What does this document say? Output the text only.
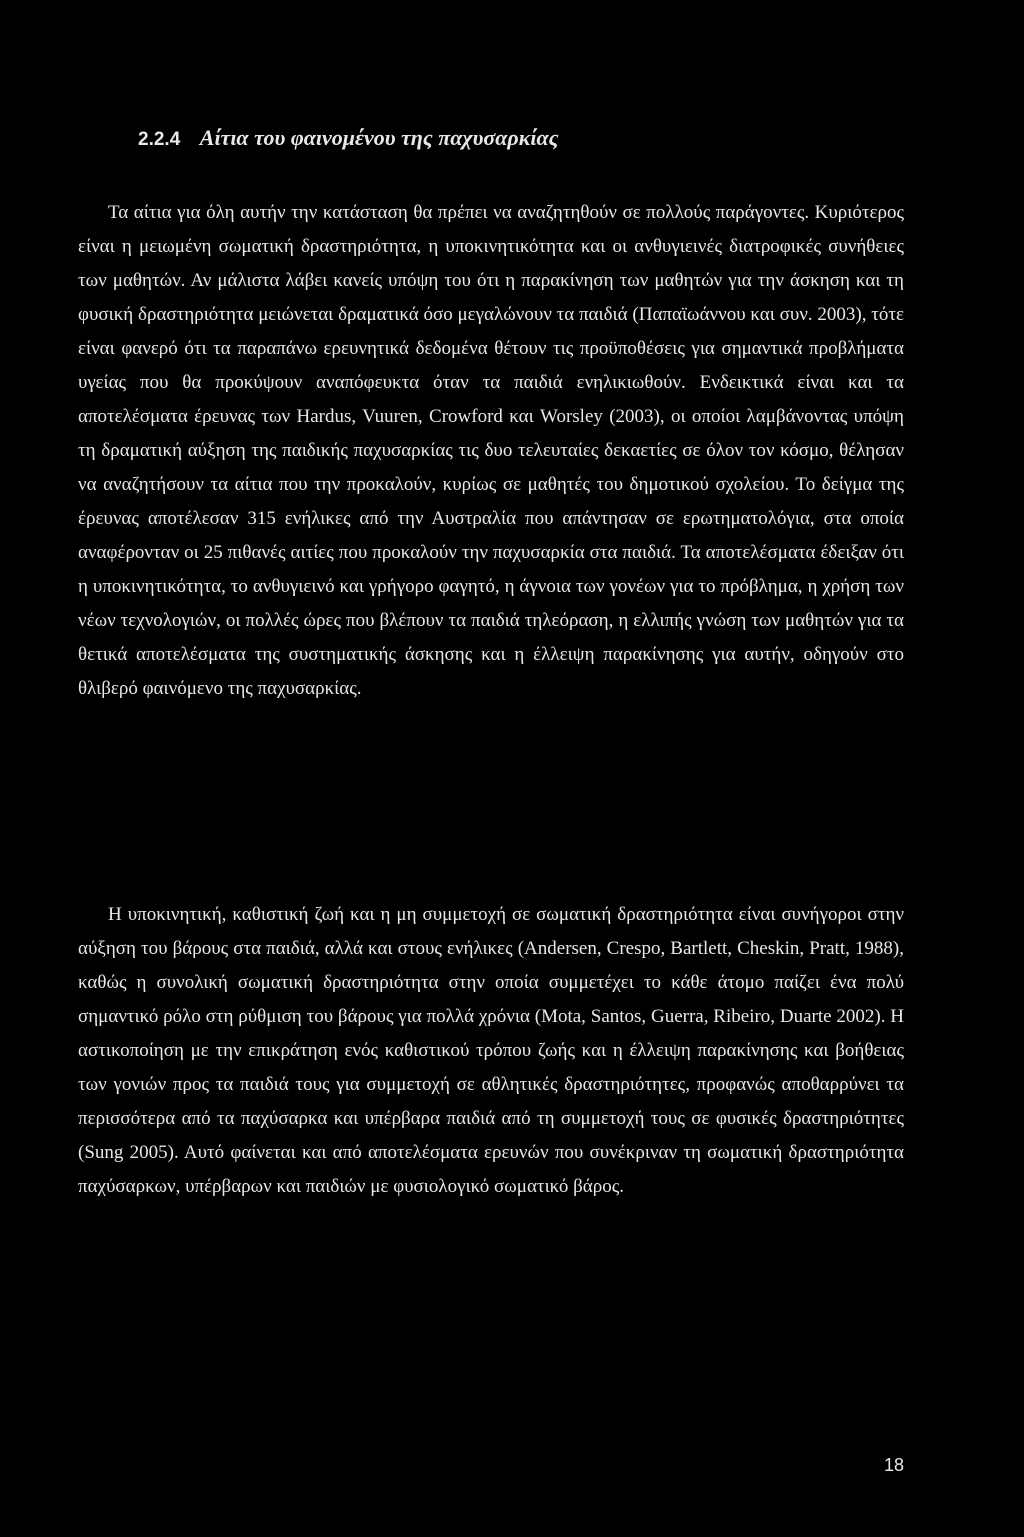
2.2.4 Αίτια του φαινομένου της παχυσαρκίας

Τα αίτια για όλη αυτήν την κατάσταση θα πρέπει να αναζητηθούν σε πολλούς παράγοντες. Κυριότερος είναι η μειωμένη σωματική δραστηριότητα, η υποκινητικότητα και οι ανθυγιεινές διατροφικές συνήθειες των μαθητών. Αν μάλιστα λάβει κανείς υπόψη του ότι η παρακίνηση των μαθητών για την άσκηση και τη φυσική δραστηριότητα μειώνεται δραματικά όσο μεγαλώνουν τα παιδιά (Παπαϊωάννου και συν. 2003), τότε είναι φανερό ότι τα παραπάνω ερευνητικά δεδομένα θέτουν τις προϋποθέσεις για σημαντικά προβλήματα υγείας που θα προκύψουν αναπόφευκτα όταν τα παιδιά ενηλικιωθούν. Ενδεικτικά είναι και τα αποτελέσματα έρευνας των Hardus, Vuuren, Crowford και Worsley (2003), οι οποίοι λαμβάνοντας υπόψη τη δραματική αύξηση της παιδικής παχυσαρκίας τις δυο τελευταίες δεκαετίες σε όλον τον κόσμο, θέλησαν να αναζητήσουν τα αίτια που την προκαλούν, κυρίως σε μαθητές του δημοτικού σχολείου. Το δείγμα της έρευνας αποτέλεσαν 315 ενήλικες από την Αυστραλία που απάντησαν σε ερωτηματολόγια, στα οποία αναφέρονταν οι 25 πιθανές αιτίες που προκαλούν την παχυσαρκία στα παιδιά. Τα αποτελέσματα έδειξαν ότι η υποκινητικότητα, το ανθυγιεινό και γρήγορο φαγητό, η άγνοια των γονέων για το πρόβλημα, η χρήση των νέων τεχνολογιών, οι πολλές ώρες που βλέπουν τα παιδιά τηλεόραση, η ελλιπής γνώση των μαθητών για τα θετικά αποτελέσματα της συστηματικής άσκησης και η έλλειψη παρακίνησης για αυτήν, οδηγούν στο θλιβερό φαινόμενο της παχυσαρκίας.

Η υποκινητική, καθιστική ζωή και η μη συμμετοχή σε σωματική δραστηριότητα είναι συνήγοροι στην αύξηση του βάρους στα παιδιά, αλλά και στους ενήλικες (Andersen, Crespo, Bartlett, Cheskin, Pratt, 1988), καθώς η συνολική σωματική δραστηριότητα στην οποία συμμετέχει το κάθε άτομο παίζει ένα πολύ σημαντικό ρόλο στη ρύθμιση του βάρους για πολλά χρόνια (Mota, Santos, Guerra, Ribeiro, Duarte 2002). Η αστικοποίηση με την επικράτηση ενός καθιστικού τρόπου ζωής και η έλλειψη παρακίνησης και βοήθειας των γονιών προς τα παιδιά τους για συμμετοχή σε αθλητικές δραστηριότητες, προφανώς αποθαρρύνει τα περισσότερα από τα παχύσαρκα και υπέρβαρα παιδιά από τη συμμετοχή τους σε φυσικές δραστηριότητες (Sung 2005). Αυτό φαίνεται και από αποτελέσματα ερευνών που συνέκριναν τη σωματική δραστηριότητα παχύσαρκων, υπέρβαρων και παιδιών με φυσιολογικό σωματικό βάρος.

18
